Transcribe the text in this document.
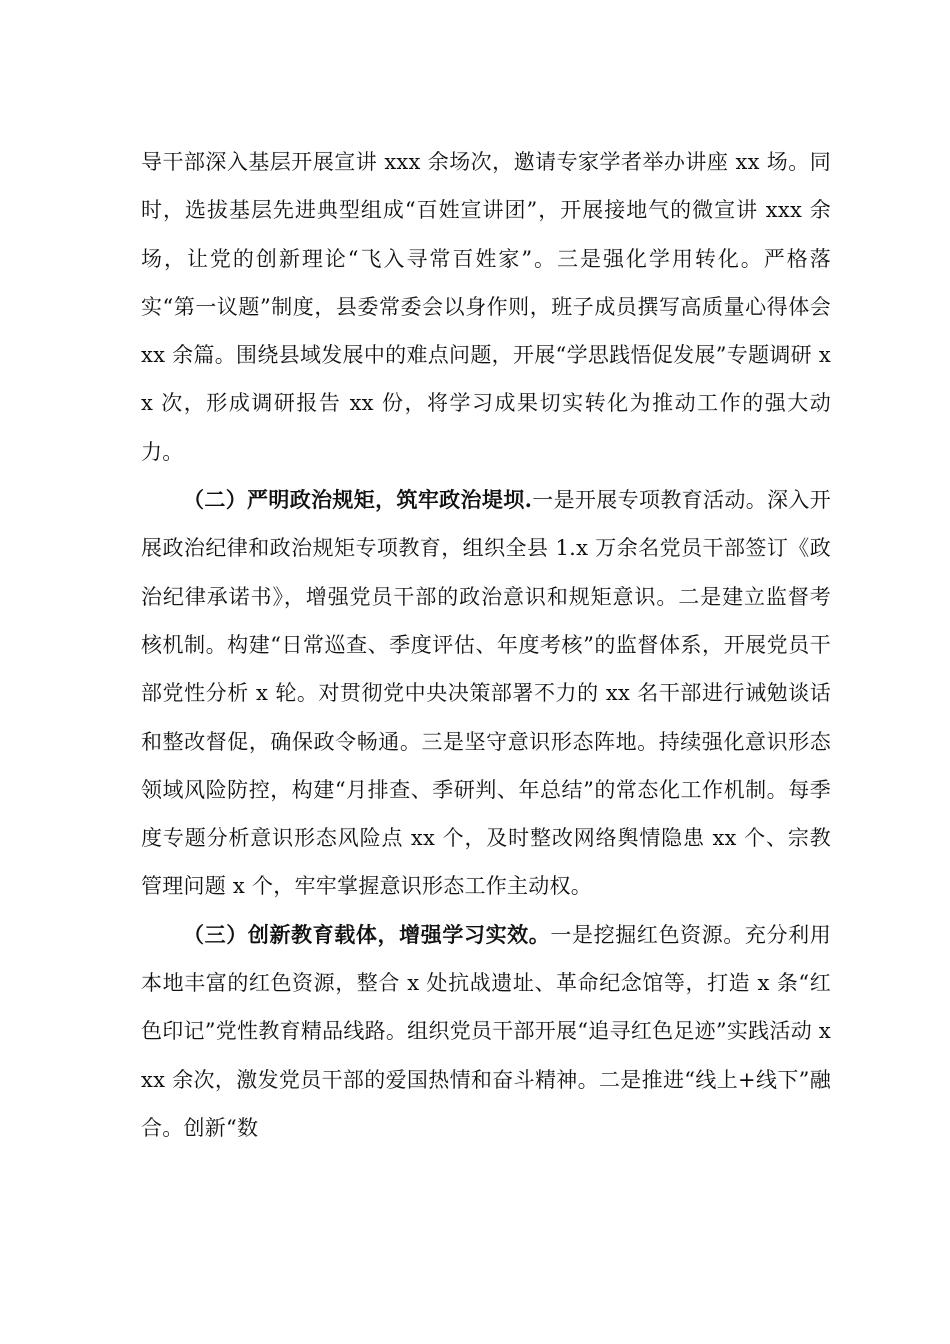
导干部深入基层开展宣讲 xxx 余场次，邀请专家学者举办讲座 xx 场。同时，选拔基层先进典型组成“百姓宣讲团”，开展接地气的微宣讲 xxx 余场，让党的创新理论“飞入寻常百姓家”。三是强化学用转化。严格落实“第一议题”制度，县委常委会以身作则，班子成员撰写高质量心得体会 xx 余篇。围绕县域发展中的难点问题，开展“学思践悟促发展”专题调研 xx 次，形成调研报告 xx 份，将学习成果切实转化为推动工作的强大动力。

（二）严明政治规矩，筑牢政治堤坝.一是开展专项教育活动。深入开展政治纪律和政治规矩专项教育，组织全县 1.x 万余名党员干部签订《政治纪律承诺书》，增强党员干部的政治意识和规矩意识。二是建立监督考核机制。构建“日常巡查、季度评估、年度考核”的监督体系，开展党员干部党性分析 x 轮。对贯彻党中央决策部署不力的 xx 名干部进行诫勉谈话和整改督促，确保政令畅通。三是坚守意识形态阵地。持续强化意识形态领域风险防控，构建“月排查、季研判、年总结”的常态化工作机制。每季度专题分析意识形态风险点 xx 个，及时整改网络舆情隐患 xx 个、宗教管理问题 x 个，牢牢掌握意识形态工作主动权。

（三）创新教育载体，增强学习实效。一是挖掘红色资源。充分利用本地丰富的红色资源，整合 x 处抗战遗址、革命纪念馆等，打造 x 条“红色印记”党性教育精品线路。组织党员干部开展“追寻红色足迹”实践活动 xxx 余次，激发党员干部的爱国热情和奋斗精神。二是推进“线上+线下”融合。创新“数
